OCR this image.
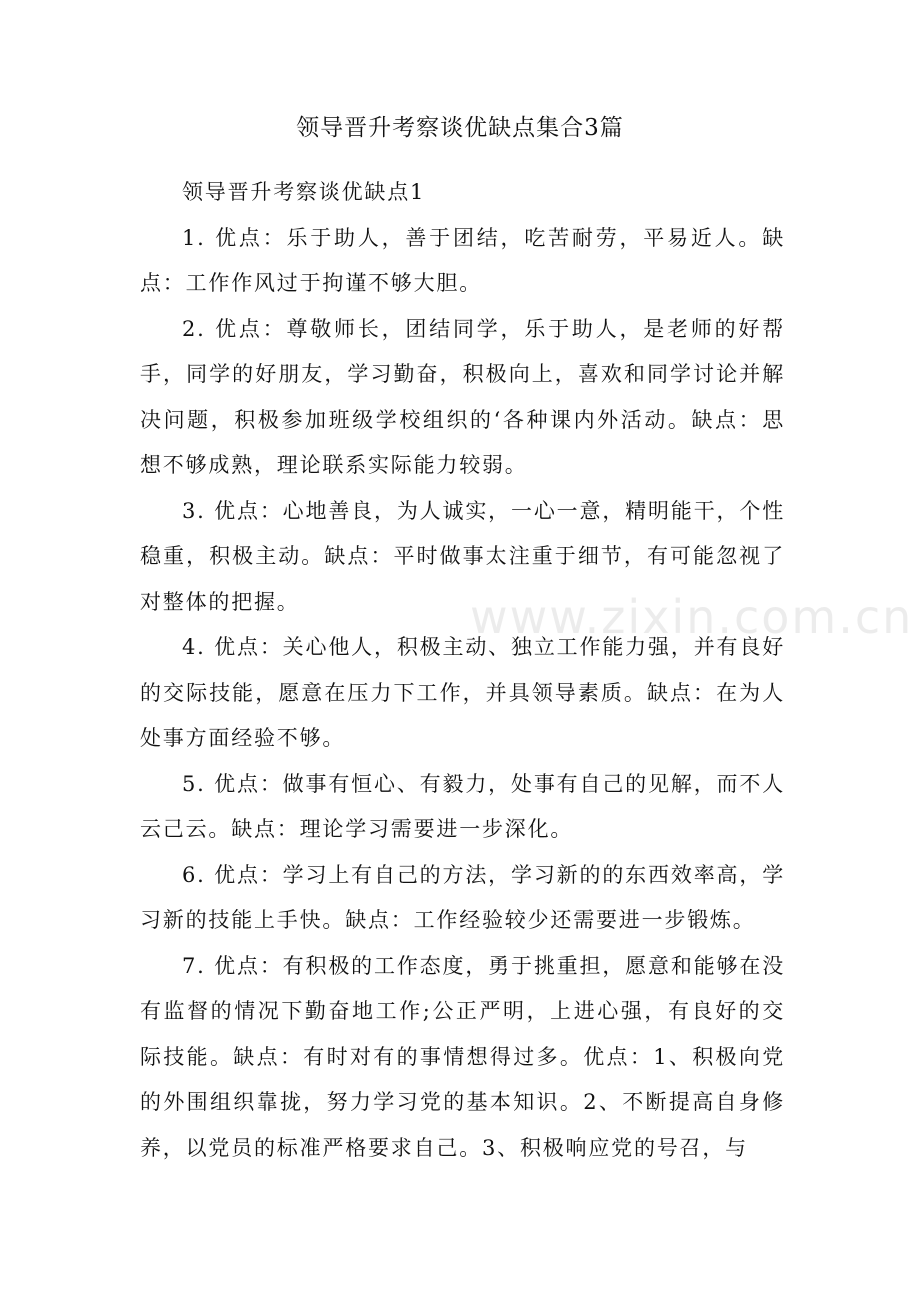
www.zixin.com.cn
领导晋升考察谈优缺点集合3篇

领导晋升考察谈优缺点1

1. 优点：乐于助人，善于团结，吃苦耐劳，平易近人。缺点：工作作风过于拘谨不够大胆。

2. 优点：尊敬师长，团结同学，乐于助人，是老师的好帮手，同学的好朋友，学习勤奋，积极向上，喜欢和同学讨论并解决问题，积极参加班级学校组织的‘各种课内外活动。缺点：思想不够成熟，理论联系实际能力较弱。

3. 优点：心地善良，为人诚实，一心一意，精明能干，个性稳重，积极主动。缺点：平时做事太注重于细节，有可能忽视了对整体的把握。

4. 优点：关心他人，积极主动、独立工作能力强，并有良好的交际技能，愿意在压力下工作，并具领导素质。缺点：在为人处事方面经验不够。

5. 优点：做事有恒心、有毅力，处事有自己的见解，而不人云己云。缺点：理论学习需要进一步深化。

6. 优点：学习上有自己的方法，学习新的的东西效率高，学习新的技能上手快。缺点：工作经验较少还需要进一步锻炼。

7. 优点：有积极的工作态度，勇于挑重担，愿意和能够在没有监督的情况下勤奋地工作;公正严明，上进心强，有良好的交际技能。缺点：有时对有的事情想得过多。优点：1、积极向党的外围组织靠拢，努力学习党的基本知识。2、不断提高自身修养，以党员的标准严格要求自己。3、积极响应党的号召，与
